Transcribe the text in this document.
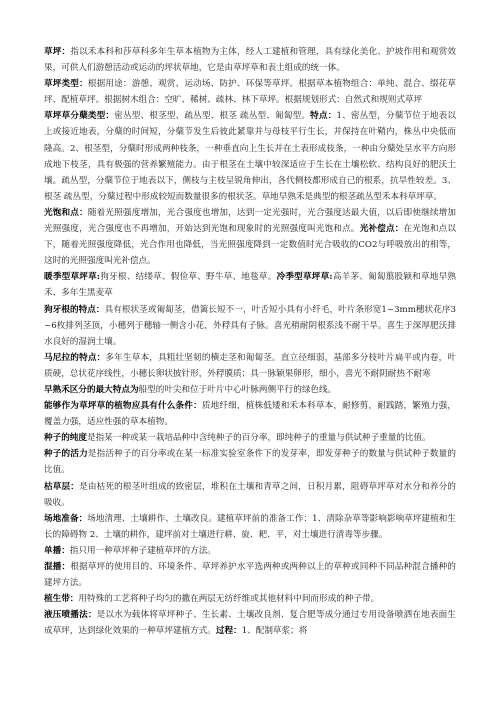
草坪：指以禾本科和莎草科多年生草本植物为主体，经人工建植和管理，具有绿化美化、护坡作用和观赏效果，可供人们游憩活动或运动的坪状草地，它是由草坪草和表土组成的统一体。

草坪类型：根据用途：游憩、观赏、运动场、防护、环保等草坪。根据草本植物组合：单纯、混合、缀花草坪、配植草坪。根据树木组合：空旷、稀树、疏林、林下草坪。根据规划形式：自然式和规则式草坪

草坪草分蘖类型：密丛型、根茎型、疏丛型、根茎 疏丛型、匍匐型。特点：1、密丛型，分蘖节位于地表以上或接近地表，分蘖的时间短，分蘖节发生后彼此紧靠并与母枝平行生长，并保持在叶鞘内，株丛中央低而隆高。2、根茎型，分蘖时形成两种枝条，一种垂直向上生长并在土表形成枝条，一种由分蘖处呈水平方向形成地下枝茎，具有极强的营养繁殖能力。由于根茎在土壤中较深适应于生长在土壤松软、结构良好的肥沃土壤。疏丛型，分蘖节位于地表以下，侧枝与主枝呈锐角伸出，各代侧枝都形成自己的根系，抗旱性较差。3、根茎 疏丛型，分蘖过程中形成较短而数量很多的根状茎。草地早熟禾是典型的根茎疏丛型禾本科草坪草。

光饱和点：随着光照强度增加，光合强度也增加，达到一定光强时，光合强度达最大值，以后即使继续增加光照强度，光合强度也不再增加，开始达到光饱和现象时的光照强度叫光饱和点。光补偿点：在光饱和点以下，随着光照强度降低，光合作用也降低，当光照强度降到一定数值时光合吸收的CO2与呼吸放出的相等，这时的光照强度叫光补偿点。

暖季型草坪草:狗牙根、结缕草、假俭草、野牛草、地毯草。冷季型草坪草:高羊茅、匍匐翦股颖和草地早熟禾、多年生黑麦草

狗牙根的特点：具有根状茎或匍匐茎，借篱长短不一，叶舌短小具有小纤毛，叶片条形宽1~3mm穗状花序3~6枚排列茎顶，小穗列于穗轴一侧含小花，外稃具有子脉。喜光稍耐阴根系浅不耐干旱。喜生于深厚肥沃排水良好的湿润土壤。

马尼拉的特点：多年生草本，具粗壮坚韧的横走茎和匍匐茎。直立径细弱，基部多分枝叶片扁平或内卷，叶质硬，总状花序线性，小穗长卵状披针形，外稃膜质；具一脉颖果卵形，细小，喜光不耐阴耐热不耐寒

早熟禾区分的最大特点为船型的叶尖和位于叶片中心叶脉两侧平行的绿色线。

能够作为草坪草的植物应具有什么条件：质地纤细，植株低矮和禾本科草本，耐修剪，耐践踏，繁殖力强，覆盖力强，适应性强的草本植物。

种子的纯度是指某一种或某一栽培品种中含纯种子的百分率，即纯种子的重量与供试种子重量的比值。

种子的活力是指活种子的百分率或在某一标准实验室条件下的发芽率，即发芽种子的数量与供试种子数量的比值。

枯草层：是由枯死的根茎叶组成的致密层，堆积在土壤和青草之间，日积月累，阻碍草坪草对水分和养分的吸收。

场地准备：场地清理、土壤耕作、土壤改良。建植草坪前的准备工作：1、清除杂草等影响影响草坪建植和生长的障碍物 2、土壤的耕作，建坪前对土壤进行耕、旋、耙、平，对土壤进行清毒等步骤。

单播：指只用一种草坪种子建植草坪的方法。

混播：根据草坪的使用目的、环境条件、草坪养护水平选两种或两种以上的草种或同种不同品种混合播种的建坪方法。

植生带：用特殊的工艺将种子均匀的撒在两层无纺纤维或其他材料中间而形成的种子带。

液压喷播法：是以水为载体将草坪种子、生长素、土壤改良剂、复合肥等成分通过专用设备喷洒在地表面生成草坪，达到绿化效果的一种草坪建植方式。过程：1、配制草浆；将
